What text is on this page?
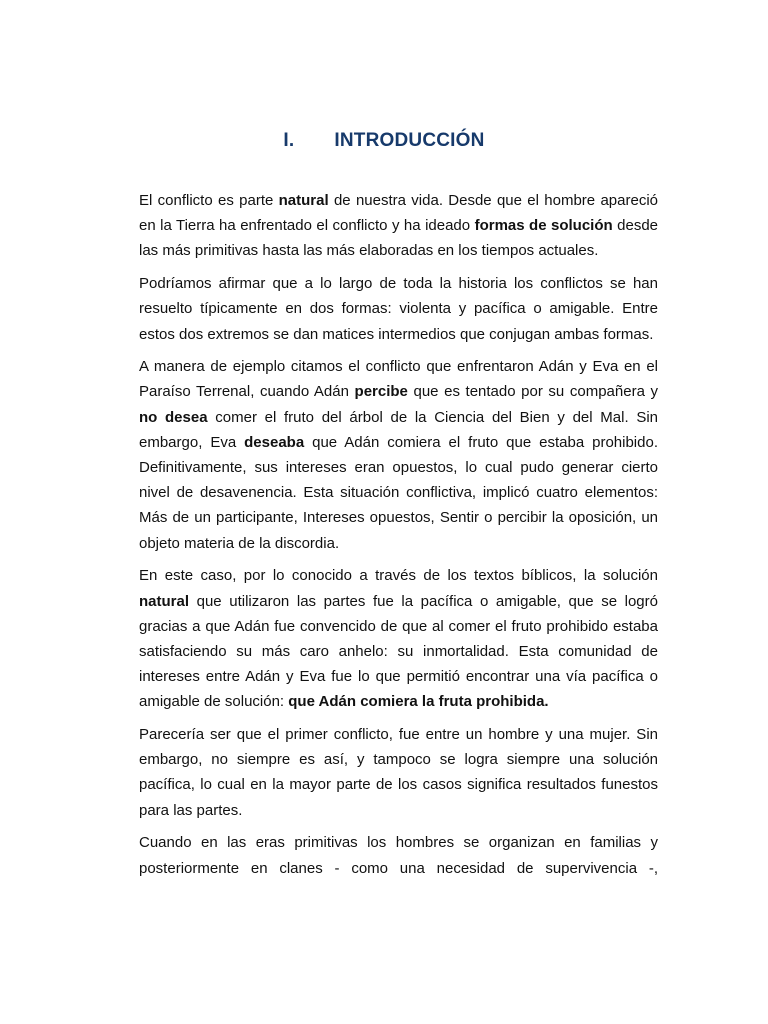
I. INTRODUCCIÓN

El conflicto es parte natural de nuestra vida. Desde que el hombre apareció en la Tierra ha enfrentado el conflicto y ha ideado formas de solución desde las más primitivas hasta las más elaboradas en los tiempos actuales.

Podríamos afirmar que a lo largo de toda la historia los conflictos se han resuelto típicamente en dos formas: violenta y pacífica o amigable. Entre estos dos extremos se dan matices intermedios que conjugan ambas formas.

A manera de ejemplo citamos el conflicto que enfrentaron Adán y Eva en el Paraíso Terrenal, cuando Adán percibe que es tentado por su compañera y no desea comer el fruto del árbol de la Ciencia del Bien y del Mal. Sin embargo, Eva deseaba que Adán comiera el fruto que estaba prohibido. Definitivamente, sus intereses eran opuestos, lo cual pudo generar cierto nivel de desavenencia. Esta situación conflictiva, implicó cuatro elementos: Más de un participante, Intereses opuestos, Sentir o percibir la oposición, un objeto materia de la discordia.

En este caso, por lo conocido a través de los textos bíblicos, la solución natural que utilizaron las partes fue la pacífica o amigable, que se logró gracias a que Adán fue convencido de que al comer el fruto prohibido estaba satisfaciendo su más caro anhelo: su inmortalidad. Esta comunidad de intereses entre Adán y Eva fue lo que permitió encontrar una vía pacífica o amigable de solución: que Adán comiera la fruta prohibida.

Parecería ser que el primer conflicto, fue entre un hombre y una mujer. Sin embargo, no siempre es así, y tampoco se logra siempre una solución pacífica, lo cual en la mayor parte de los casos significa resultados funestos para las partes.

Cuando en las eras primitivas los hombres se organizan en familias y posteriormente en clanes - como una necesidad de supervivencia -,
